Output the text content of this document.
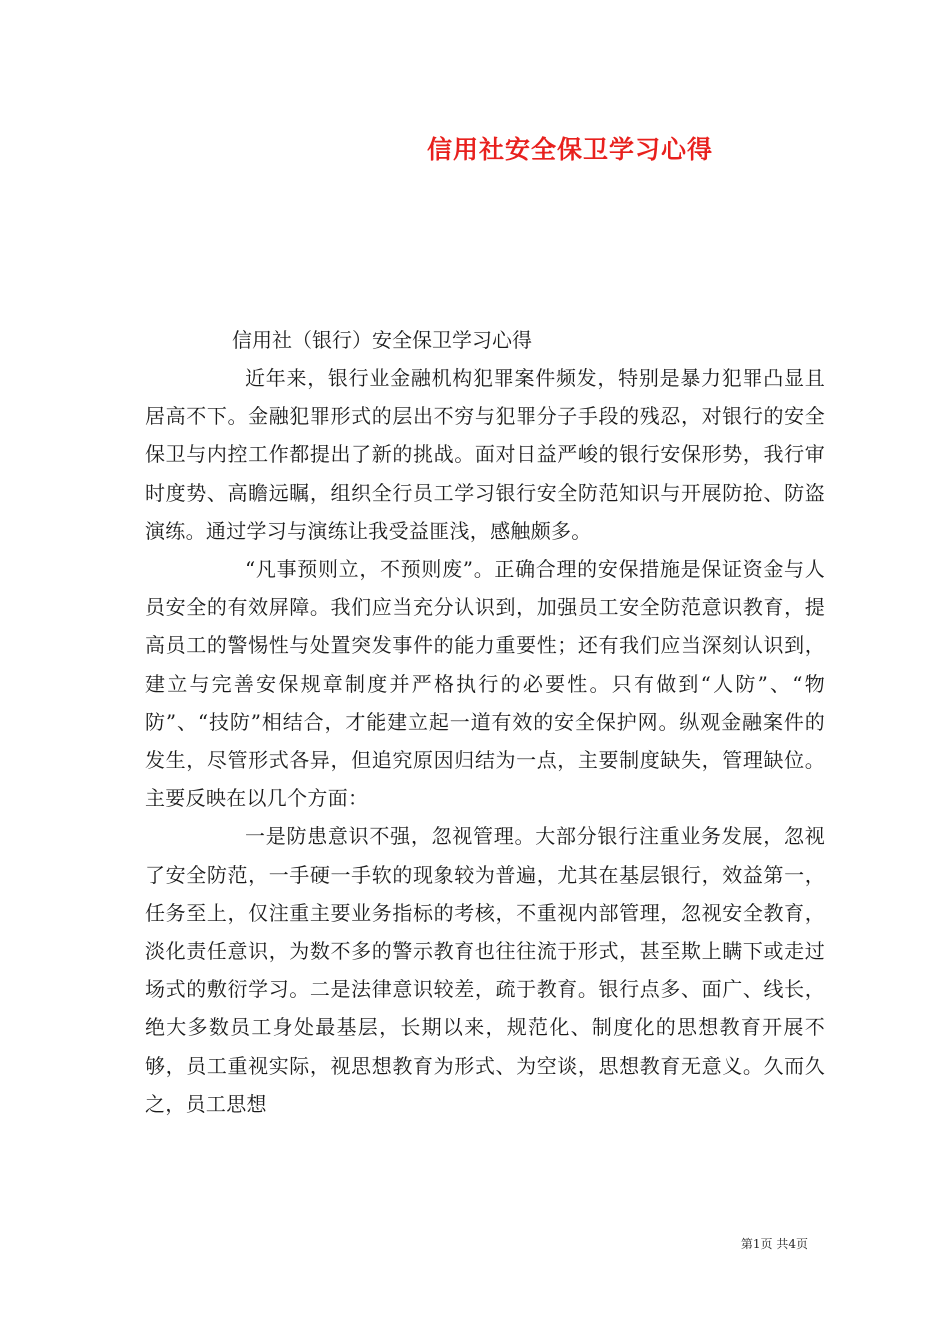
信用社安全保卫学习心得

信用社（银行）安全保卫学习心得

近年来，银行业金融机构犯罪案件频发，特别是暴力犯罪凸显且居高不下。金融犯罪形式的层出不穷与犯罪分子手段的残忍，对银行的安全保卫与内控工作都提出了新的挑战。面对日益严峻的银行安保形势，我行审时度势、高瞻远瞩，组织全行员工学习银行安全防范知识与开展防抢、防盗演练。通过学习与演练让我受益匪浅，感触颇多。

“凡事预则立，不预则废”。正确合理的安保措施是保证资金与人员安全的有效屏障。我们应当充分认识到，加强员工安全防范意识教育，提高员工的警惕性与处置突发事件的能力重要性；还有我们应当深刻认识到，建立与完善安保规章制度并严格执行的必要性。只有做到“人防”、“物防”、“技防”相结合，才能建立起一道有效的安全保护网。纵观金融案件的发生，尽管形式各异，但追究原因归结为一点，主要制度缺失，管理缺位。主要反映在以几个方面：

一是防患意识不强，忽视管理。大部分银行注重业务发展，忽视了安全防范，一手硬一手软的现象较为普遍，尤其在基层银行，效益第一，任务至上，仅注重主要业务指标的考核，不重视内部管理，忽视安全教育，淡化责任意识，为数不多的警示教育也往往流于形式，甚至欺上瞒下或走过场式的敷衍学习。二是法律意识较差，疏于教育。银行点多、面广、线长，绝大多数员工身处最基层，长期以来，规范化、制度化的思想教育开展不够，员工重视实际，视思想教育为形式、为空谈，思想教育无意义。久而久之，员工思想

第1页 共4页
